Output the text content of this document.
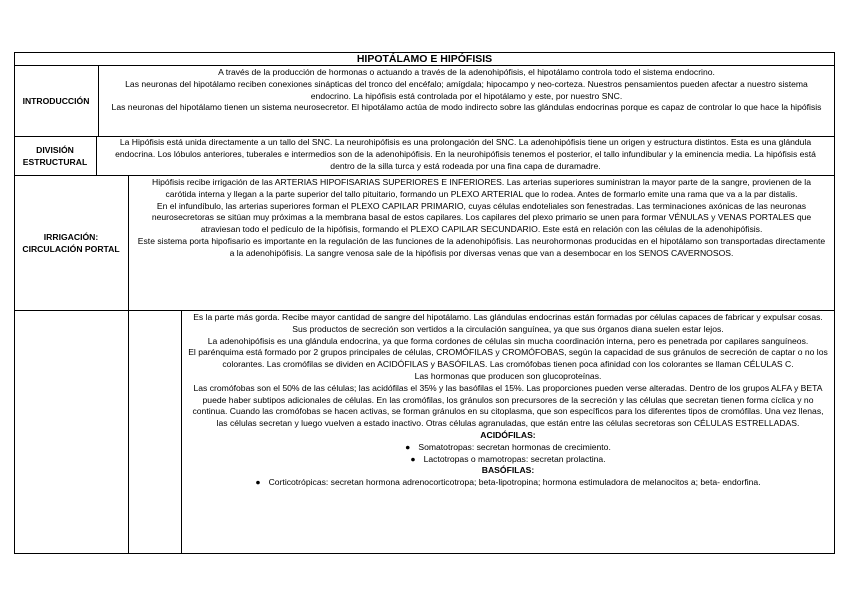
HIPOTÁLAMO E HIPÓFISIS
INTRODUCCIÓN

A través de la producción de hormonas o actuando a través de la adenohipófisis, el hipotálamo controla todo el sistema endocrino.

Las neuronas del hipotálamo reciben conexiones sinápticas del tronco del encéfalo; amígdala; hipocampo y neo-corteza. Nuestros pensamientos pueden afectar a nuestro sistema endocrino. La hipófisis está controlada por el hipotálamo y este, por nuestro SNC.

Las neuronas del hipotálamo tienen un sistema neurosecretor. El hipotálamo actúa de modo indirecto sobre las glándulas endocrinas porque es capaz de controlar lo que hace la hipófisis

DIVISIÓN
ESTRUCTURAL

La Hipófisis está unida directamente a un tallo del SNC. La neurohipófisis es una prolongación del SNC. La adenohipófisis tiene un origen y estructura distintos. Esta es una glándula endocrina. Los lóbulos anteriores, tuberales e intermedios son de la adenohipófisis. En la neurohipófisis tenemos el posterior, el tallo infundibular y la eminencia media. La hipófisis está dentro de la silla turca y está rodeada por una fina capa de duramadre.

IRRIGACIÓN:
CIRCULACIÓN PORTAL

Hipófisis recibe irrigación de las ARTERIAS HIPOFISARIAS SUPERIORES E INFERIORES. Las arterias superiores suministran la mayor parte de la sangre, provienen de la carótida interna y llegan a la parte superior del tallo pituitario, formando un PLEXO ARTERIAL que lo rodea. Antes de formarlo emite una rama que va a la par distalis.

En el infundíbulo, las arterias superiores forman el PLEXO CAPILAR PRIMARIO, cuyas células endoteliales son fenestradas. Las terminaciones axónicas de las neuronas neurosecretoras se sitúan muy próximas a la membrana basal de estos capilares. Los capilares del plexo primario se unen para formar VÉNULAS y VENAS PORTALES que atraviesan todo el pedículo de la hipófisis, formando el PLEXO CAPILAR SECUNDARIO. Este está en relación con las células de la adenohipófisis.

Este sistema porta hipofisario es importante en la regulación de las funciones de la adenohipófisis. Las neurohormonas producidas en el hipotálamo son transportadas directamente a la adenohipófisis. La sangre venosa sale de la hipófisis por diversas venas que van a desembocar en los SENOS CAVERNOSOS.

Es la parte más gorda. Recibe mayor cantidad de sangre del hipotálamo. Las glándulas endocrinas están formadas por células capaces de fabricar y expulsar cosas. Sus productos de secreción son vertidos a la circulación sanguínea, ya que sus órganos diana suelen estar lejos.

La adenohipófisis es una glándula endocrina, ya que forma cordones de células sin mucha coordinación interna, pero es penetrada por capilares sanguíneos.

El parénquima está formado por 2 grupos principales de células, CROMÓFILAS y CROMÓFOBAS, según la capacidad de sus gránulos de secreción de captar o no los colorantes. Las cromófilas se dividen en ACIDÓFILAS y BASÓFILAS. Las cromófobas tienen poca afinidad con los colorantes se llaman CÉLULAS C.

Las hormonas que producen son glucoproteínas.

Las cromófobas son el 50% de las células; las acidófilas el 35% y las basófilas el 15%. Las proporciones pueden verse alteradas. Dentro de los grupos ALFA y BETA puede haber subtipos adicionales de células. En las cromófilas, los gránulos son precursores de la secreción y las células que secretan tienen forma cíclica y no continua. Cuando las cromófobas se hacen activas, se forman gránulos en su citoplasma, que son específicos para los diferentes tipos de cromófilas. Una vez llenas, las células secretan y luego vuelven a estado inactivo. Otras células agranuladas, que están entre las células secretoras son CÉLULAS ESTRELLADAS.

ACIDÓFILAS:

● Somatotropas: secretan hormonas de crecimiento.

● Lactotropas o mamotropas: secretan prolactina.

BASÓFILAS:

● Corticotrópicas: secretan hormona adrenocorticotropa; beta-lipotropina; hormona estimuladora de melanocitos a; beta- endorfina.
